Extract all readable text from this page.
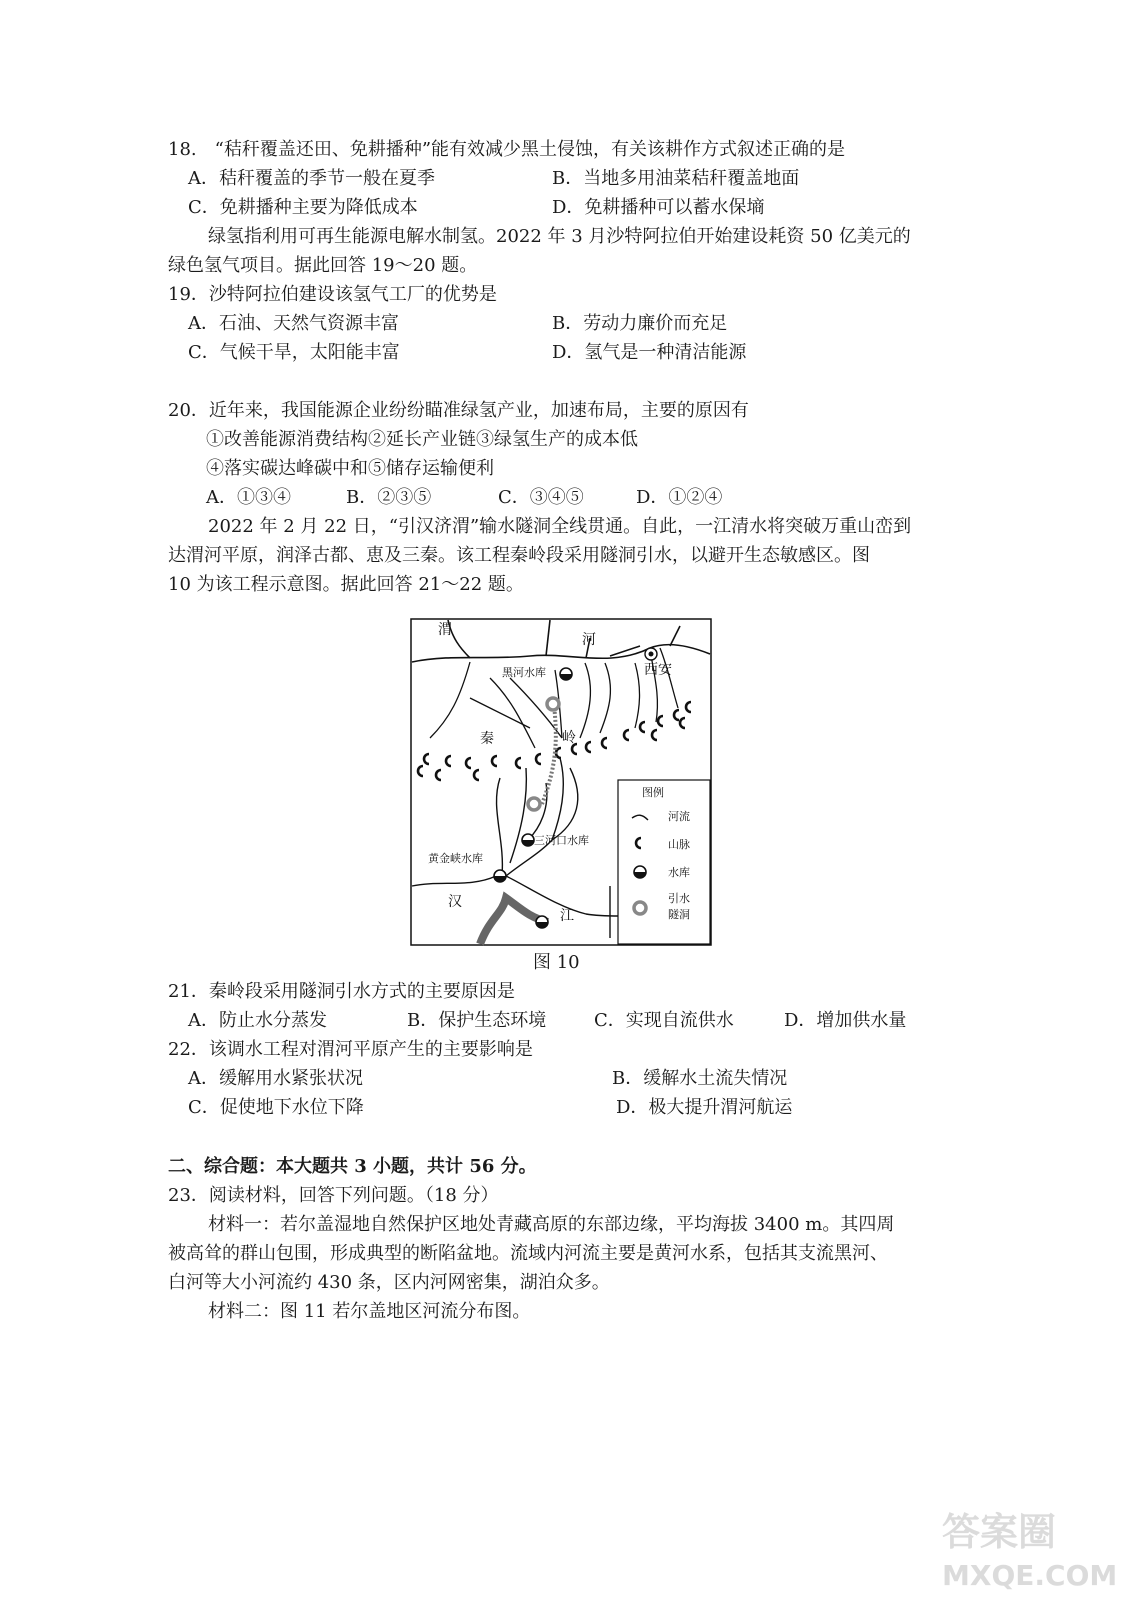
18.　“秸秆覆盖还田、免耕播种”能有效减少黑土侵蚀，有关该耕作方式叙述正确的是
A．秸秆覆盖的季节一般在夏季	B．当地多用油菜秸秆覆盖地面
C．免耕播种主要为降低成本	D．免耕播种可以蓄水保墒
绿氢指利用可再生能源电解水制氢。2022 年 3 月沙特阿拉伯开始建设耗资 50 亿美元的
绿色氢气项目。据此回答 19～20 题。
19．沙特阿拉伯建设该氢气工厂的优势是
A．石油、天然气资源丰富	B．劳动力廉价而充足
C．气候干旱，太阳能丰富	D．氢气是一种清洁能源
20．近年来，我国能源企业纷纷瞄准绿氢产业，加速布局，主要的原因有
①改善能源消费结构②延长产业链③绿氢生产的成本低
④落实碳达峰碳中和⑤储存运输便利
A．①③④	B．②③⑤	C．③④⑤	D．①②④
2022 年 2 月 22 日，“引汉济渭”输水隧洞全线贯通。自此，一江清水将突破万重山峦到
达渭河平原，润泽古都、恵及三秦。该工程秦岭段采用隧洞引水，以避开生态敏感区。图
10 为该工程示意图。据此回答 21～22 题。
渭
河
西安
黑河水库
秦	岭
三河口水库
黄金峡水库
汉
江
图例
河流
山脉
水库
引水
隧洞
图 10
21．秦岭段采用隧洞引水方式的主要原因是
A．防止水分蒸发	B．保护生态环境	C．实现自流供水	D．增加供水量
22．该调水工程对渭河平原产生的主要影响是
A．缓解用水紧张状况	B．缓解水土流失情况
C．促使地下水位下降	D．极大提升渭河航运
二、综合题：本大题共 3 小题，共计 56 分。
23．阅读材料，回答下列问题。（18 分）
材料一：若尔盖湿地自然保护区地处青藏高原的东部边缘，平均海拔 3400 m。其四周
被高耸的群山包围，形成典型的断陷盆地。流域内河流主要是黄河水系，包括其支流黑河、
白河等大小河流约 430 条，区内河网密集，湖泊众多。
材料二：图 11 若尔盖地区河流分布图。
答案圈
MXQE.COM
